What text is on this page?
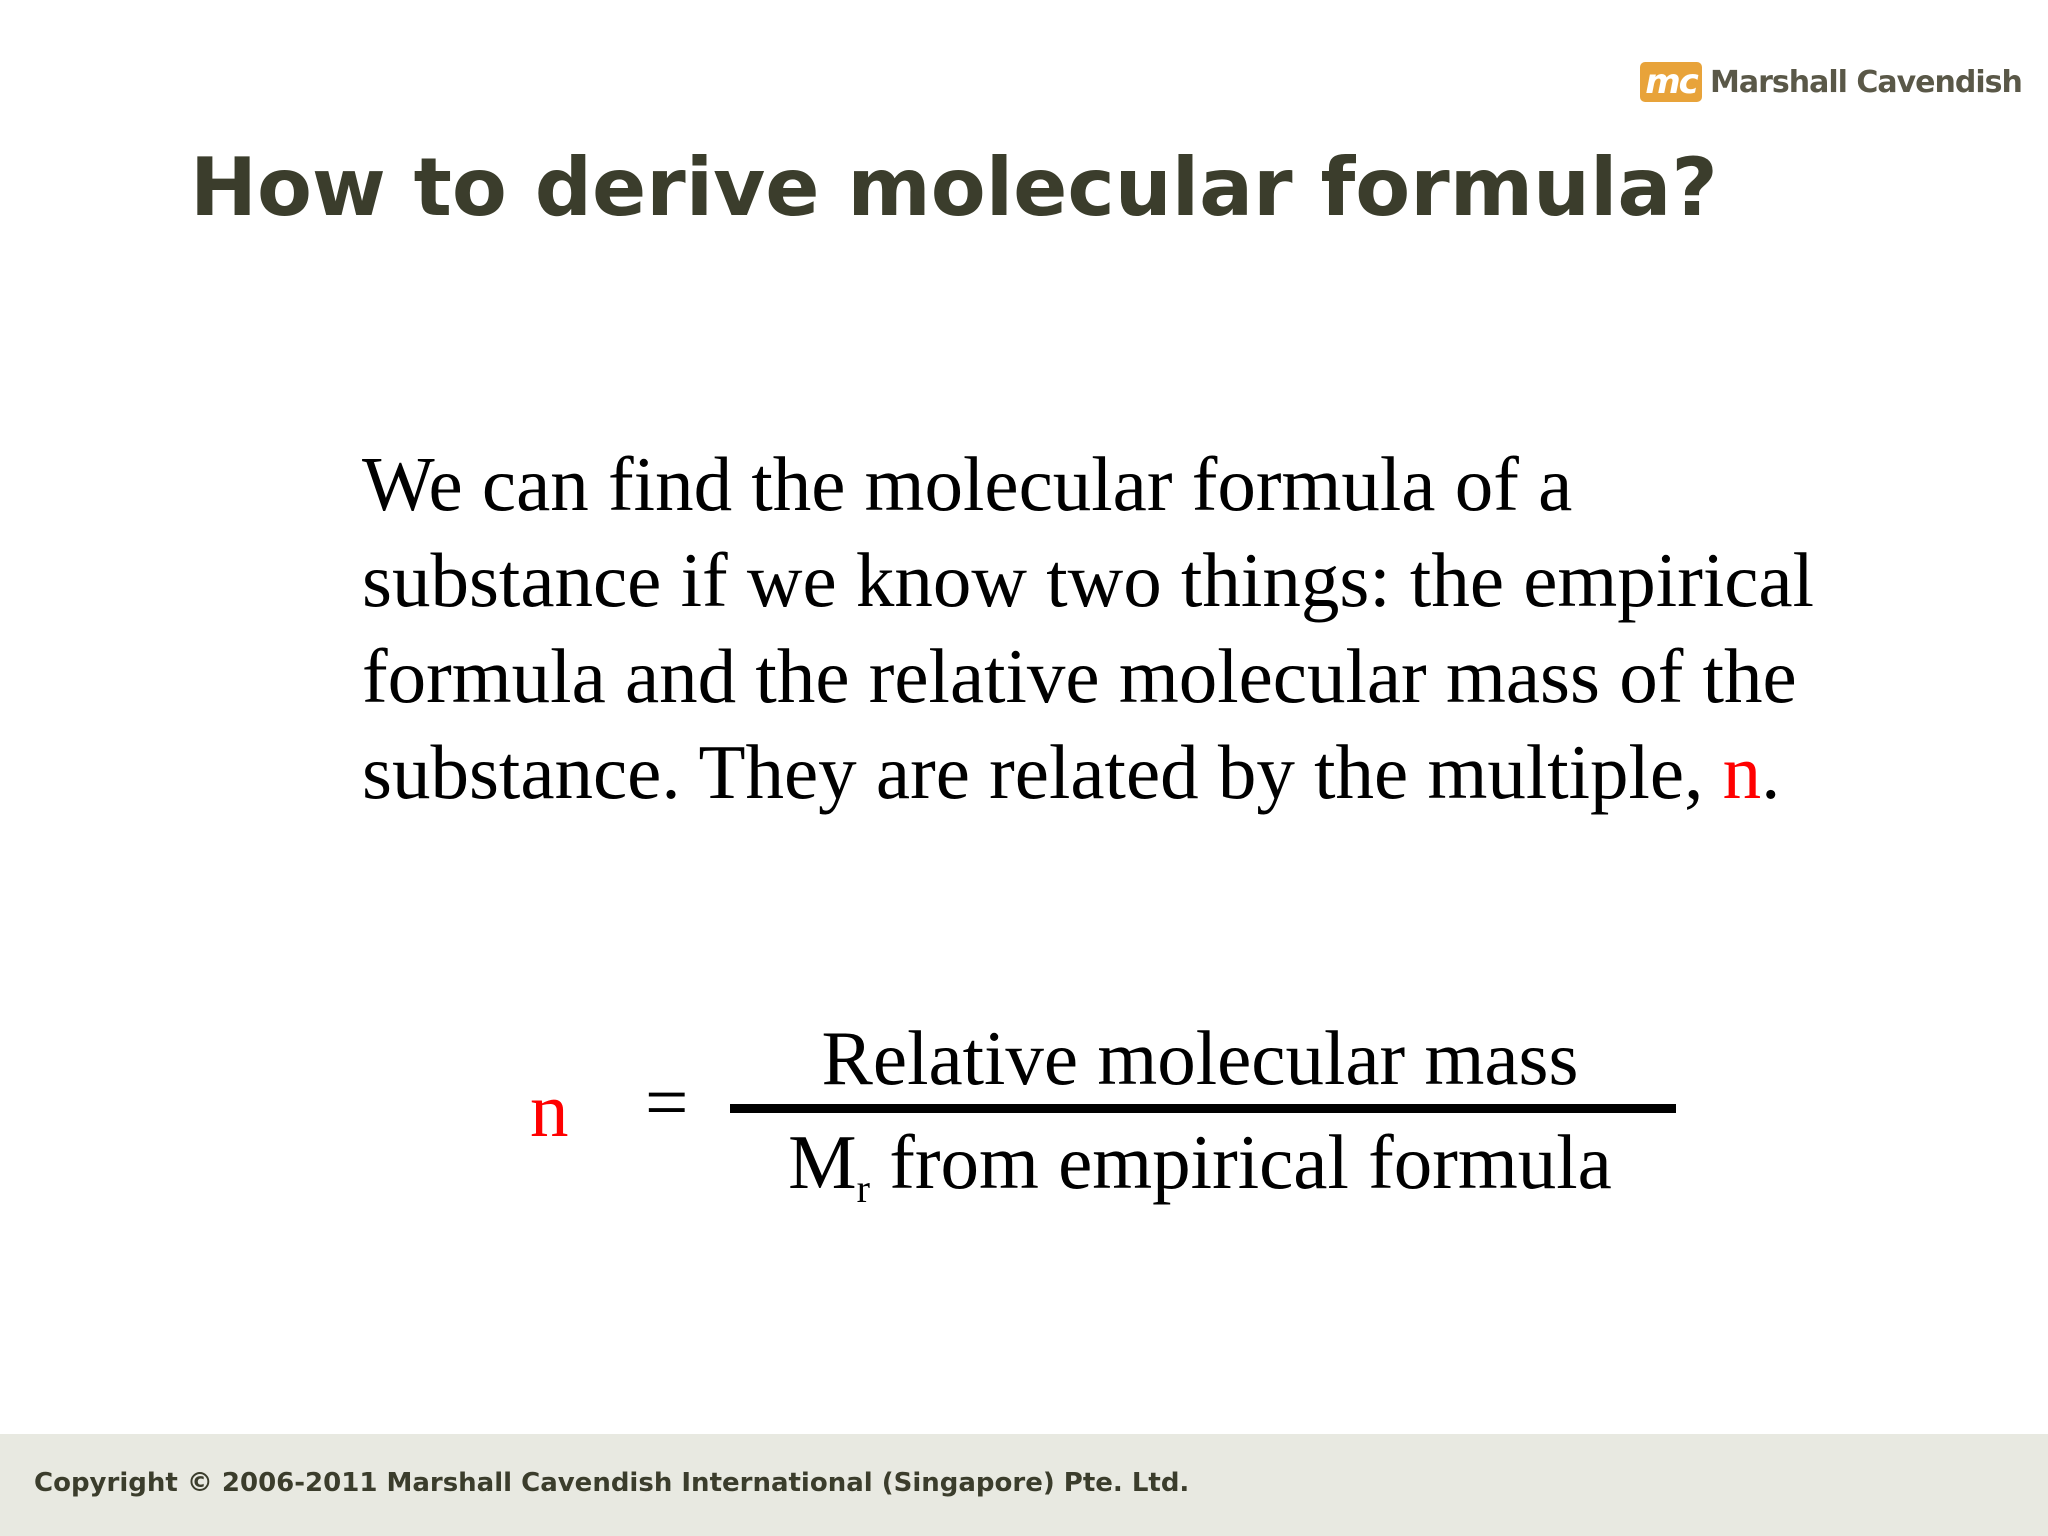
mc Marshall Cavendish
How to derive molecular formula?

We can find the molecular formula of a substance if we know two things: the empirical formula and the relative molecular mass of the substance. They are related by the multiple, n.

n =
Relative molecular mass
$M_r$ from empirical formula
Copyright © 2006-2011 Marshall Cavendish International (Singapore) Pte. Ltd.
